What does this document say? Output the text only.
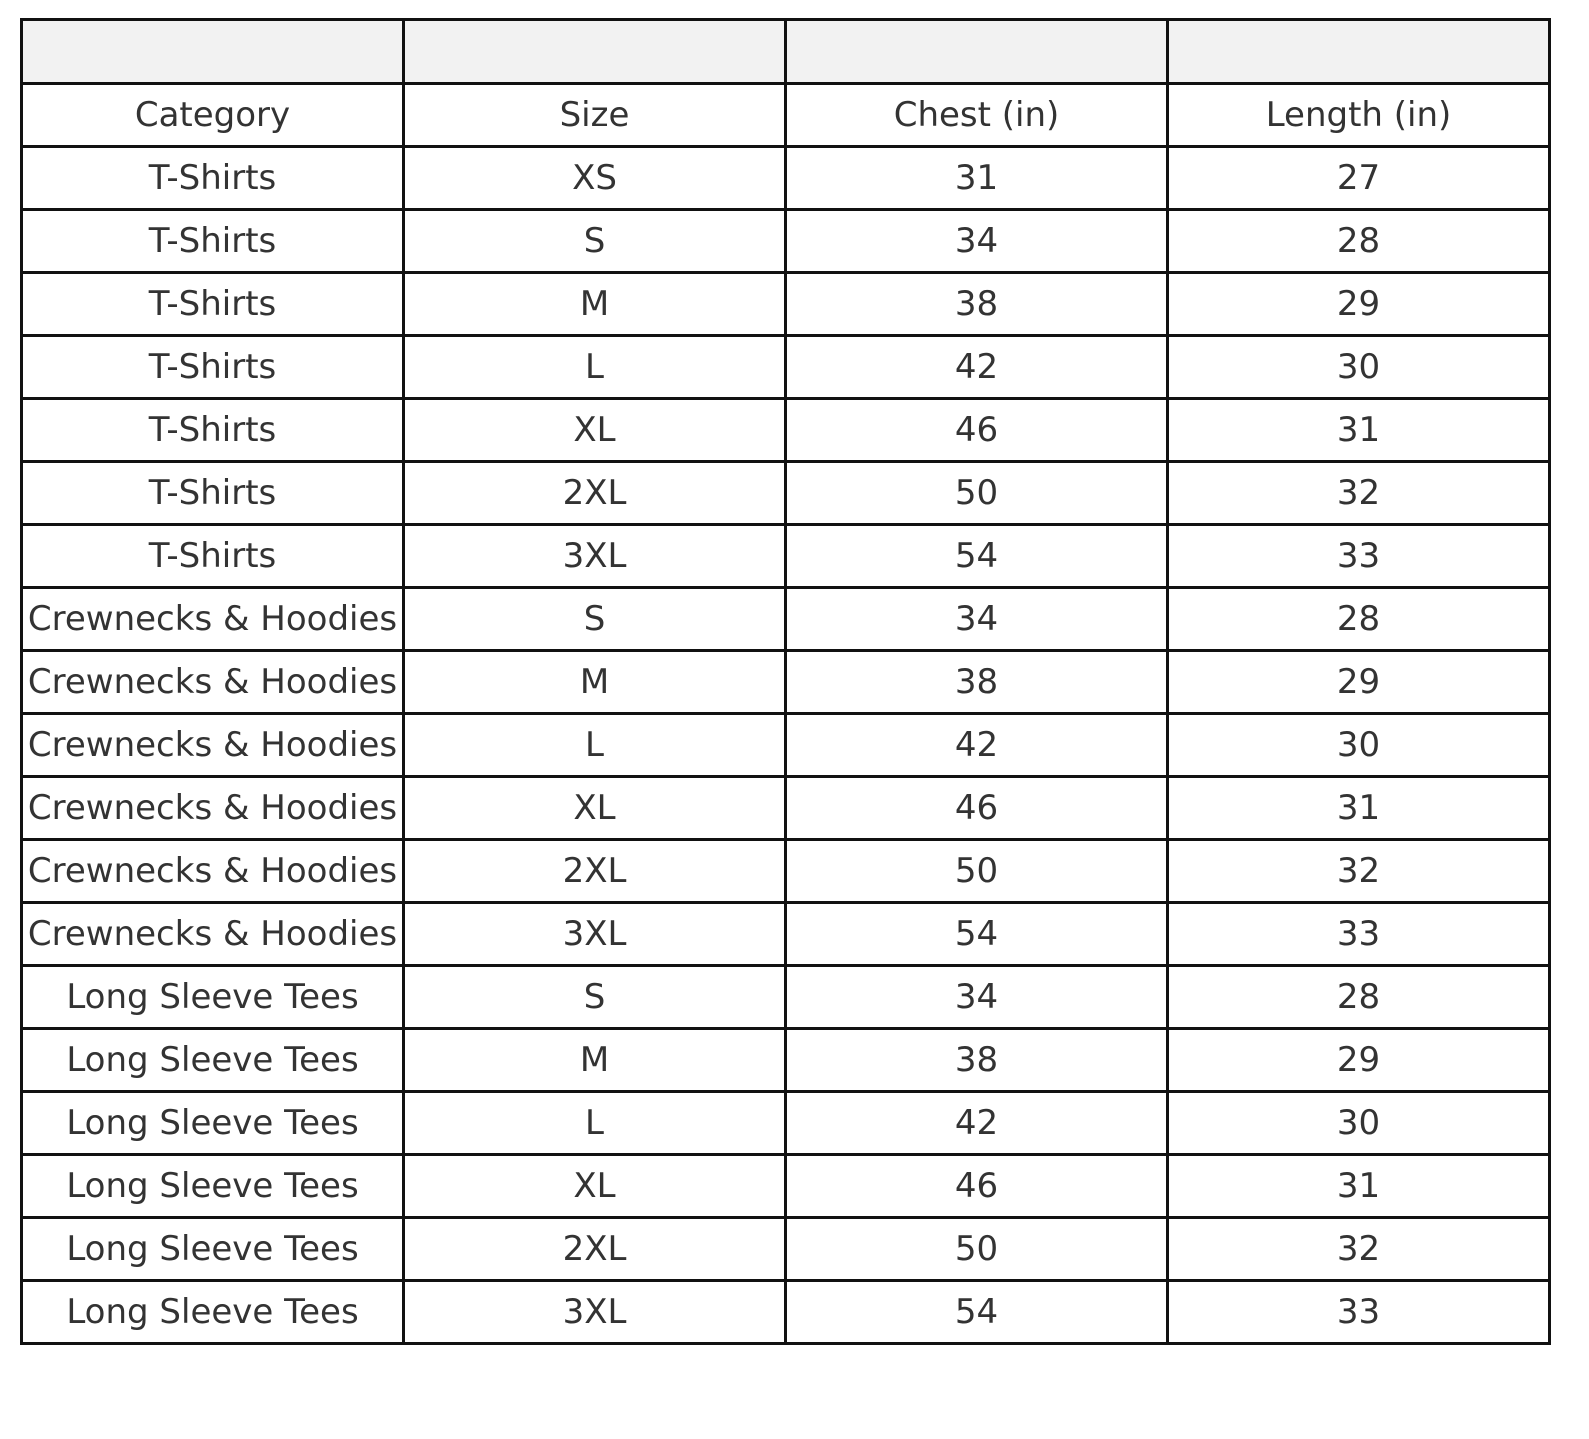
Category	Size	Chest (in)	Length (in)
T-Shirts	XS	31	27
T-Shirts	S	34	28
T-Shirts	M	38	29
T-Shirts	L	42	30
T-Shirts	XL	46	31
T-Shirts	2XL	50	32
T-Shirts	3XL	54	33
Crewnecks & Hoodies	S	34	28
Crewnecks & Hoodies	M	38	29
Crewnecks & Hoodies	L	42	30
Crewnecks & Hoodies	XL	46	31
Crewnecks & Hoodies	2XL	50	32
Crewnecks & Hoodies	3XL	54	33
Long Sleeve Tees	S	34	28
Long Sleeve Tees	M	38	29
Long Sleeve Tees	L	42	30
Long Sleeve Tees	XL	46	31
Long Sleeve Tees	2XL	50	32
Long Sleeve Tees	3XL	54	33
